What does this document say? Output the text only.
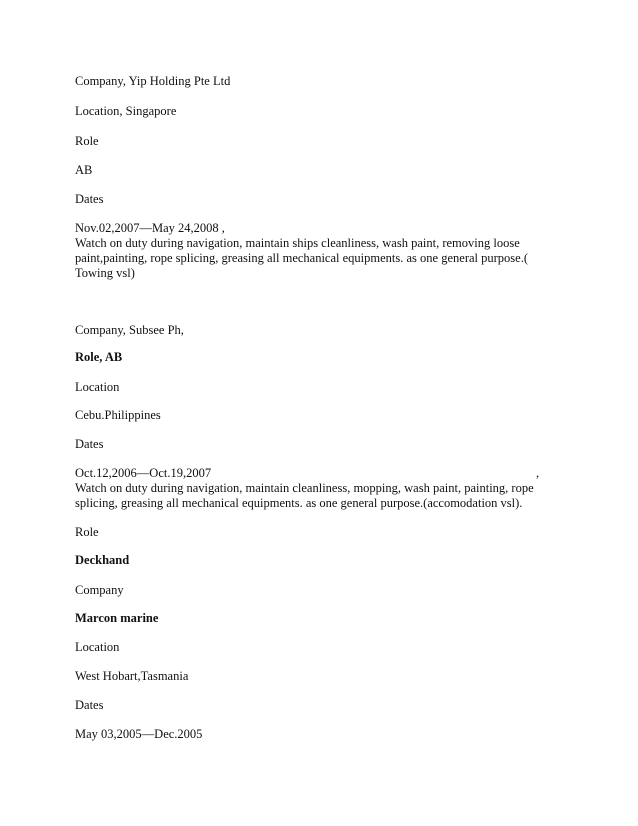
Company, Yip Holding Pte Ltd
Location, Singapore
Role
AB
Dates
Nov.02,2007—May 24,2008 ,
Watch on duty during navigation, maintain ships cleanliness, wash paint, removing loose
paint,painting, rope splicing, greasing all mechanical equipments. as one general purpose.(
Towing vsl)
Company, Subsee Ph,
Role, AB
Location
Cebu.Philippines
Dates
Oct.12,2006—Oct.19,2007	,
Watch on duty during navigation, maintain cleanliness, mopping, wash paint, painting, rope
splicing, greasing all mechanical equipments. as one general purpose.(accomodation vsl).
Role
Deckhand
Company
Marcon marine
Location
West Hobart,Tasmania
Dates
May 03,2005—Dec.2005
